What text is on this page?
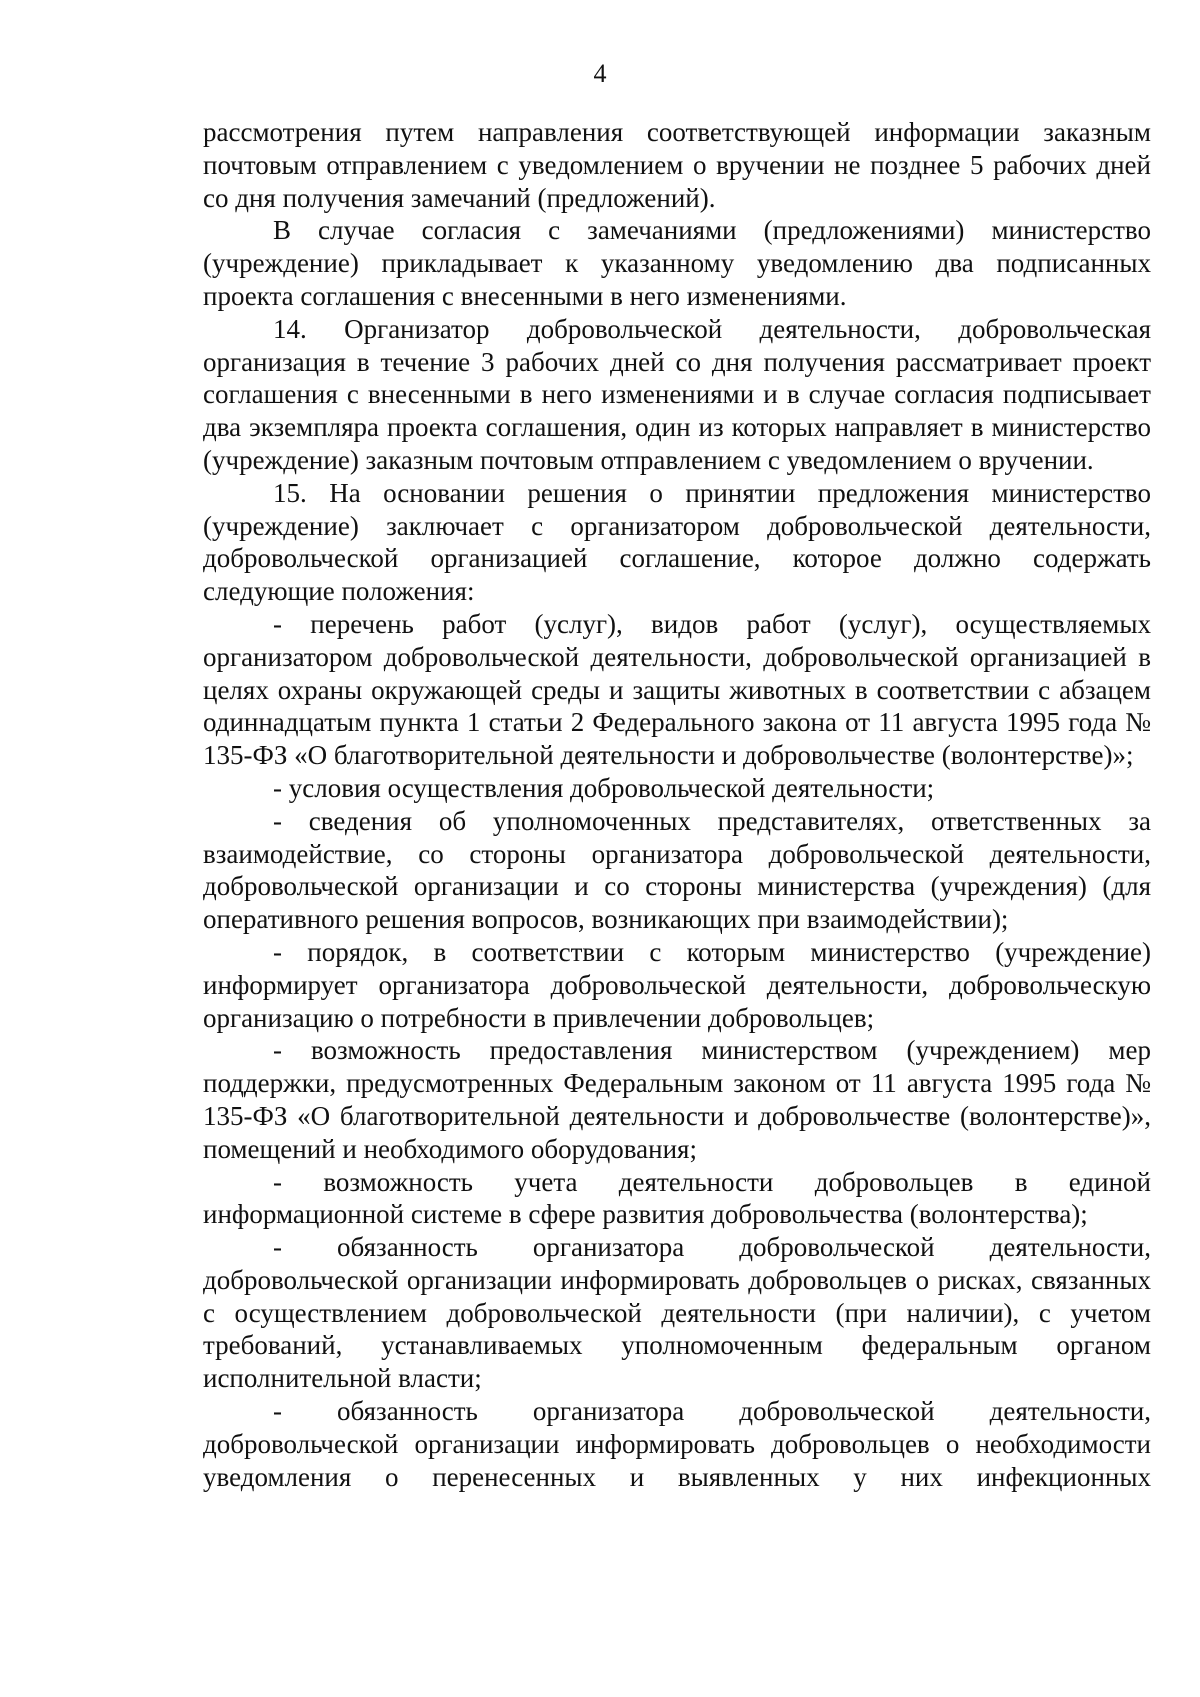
4

рассмотрения путем направления соответствующей информации заказным почтовым отправлением с уведомлением о вручении не позднее 5 рабочих дней со дня получения замечаний (предложений).

В случае согласия с замечаниями (предложениями) министерство (учреждение) прикладывает к указанному уведомлению два подписанных проекта соглашения с внесенными в него изменениями.

14. Организатор добровольческой деятельности, добровольческая организация в течение 3 рабочих дней со дня получения рассматривает проект соглашения с внесенными в него изменениями и в случае согласия подписывает два экземпляра проекта соглашения, один из которых направляет в министерство (учреждение) заказным почтовым отправлением с уведомлением о вручении.

15. На основании решения о принятии предложения министерство (учреждение) заключает с организатором добровольческой деятельности, добровольческой организацией соглашение, которое должно содержать следующие положения:

- перечень работ (услуг), видов работ (услуг), осуществляемых организатором добровольческой деятельности, добровольческой организацией в целях охраны окружающей среды и защиты животных в соответствии с абзацем одиннадцатым пункта 1 статьи 2 Федерального закона от 11 августа 1995 года № 135-ФЗ «О благотворительной деятельности и добровольчестве (волонтерстве)»;

- условия осуществления добровольческой деятельности;

- сведения об уполномоченных представителях, ответственных за взаимодействие, со стороны организатора добровольческой деятельности, добровольческой организации и со стороны министерства (учреждения) (для оперативного решения вопросов, возникающих при взаимодействии);

- порядок, в соответствии с которым министерство (учреждение) информирует организатора добровольческой деятельности, добровольческую организацию о потребности в привлечении добровольцев;

- возможность предоставления министерством (учреждением) мер поддержки, предусмотренных Федеральным законом от 11 августа 1995 года № 135-ФЗ «О благотворительной деятельности и добровольчестве (волонтерстве)», помещений и необходимого оборудования;

- возможность учета деятельности добровольцев в единой информационной системе в сфере развития добровольчества (волонтерства);

- обязанность организатора добровольческой деятельности, добровольческой организации информировать добровольцев о рисках, связанных с осуществлением добровольческой деятельности (при наличии), с учетом требований, устанавливаемых уполномоченным федеральным органом исполнительной власти;

- обязанность организатора добровольческой деятельности, добровольческой организации информировать добровольцев о необходимости уведомления о перенесенных и выявленных у них инфекционных
